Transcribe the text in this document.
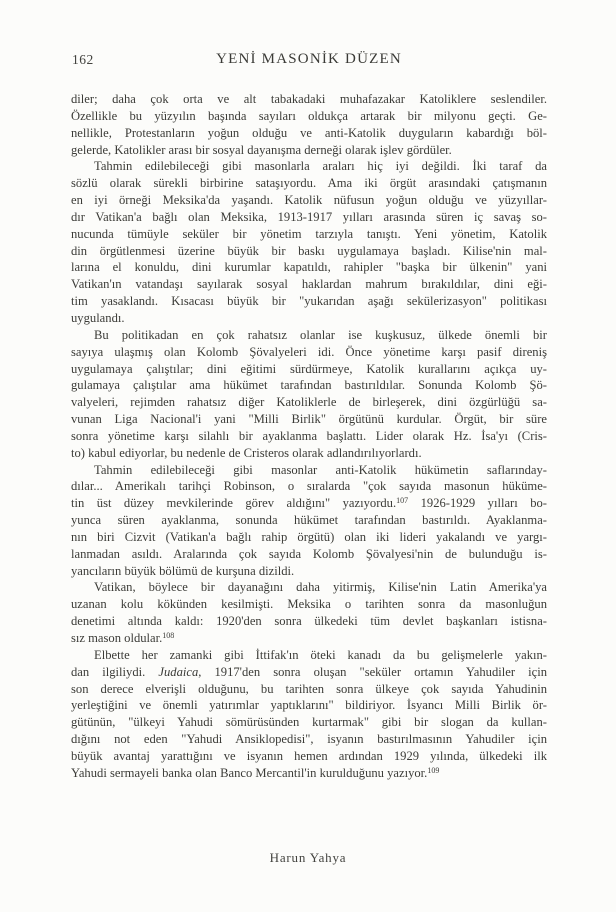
162	YENİ MASONİK DÜZEN
diler; daha çok orta ve alt tabakadaki muhafazakar Katoliklere seslendiler.
Özellikle bu yüzyılın başında sayıları oldukça artarak bir milyonu geçti. Ge-
nellikle, Protestanların yoğun olduğu ve anti-Katolik duyguların kabardığı böl-
gelerde, Katolikler arası bir sosyal dayanışma derneği olarak işlev gördüler.
Tahmin edilebileceği gibi masonlarla araları hiç iyi değildi. İki taraf da
sözlü olarak sürekli birbirine sataşıyordu. Ama iki örgüt arasındaki çatışmanın
en iyi örneği Meksika'da yaşandı. Katolik nüfusun yoğun olduğu ve yüzyıllar-
dır Vatikan'a bağlı olan Meksika, 1913-1917 yılları arasında süren iç savaş so-
nucunda tümüyle seküler bir yönetim tarzıyla tanıştı. Yeni yönetim, Katolik
din örgütlenmesi üzerine büyük bir baskı uygulamaya başladı. Kilise'nin mal-
larına el konuldu, dini kurumlar kapatıldı, rahipler "başka bir ülkenin" yani
Vatikan'ın vatandaşı sayılarak sosyal haklardan mahrum bırakıldılar, dini eği-
tim yasaklandı. Kısacası büyük bir "yukarıdan aşağı sekülerizasyon" politikası
uygulandı.
Bu politikadan en çok rahatsız olanlar ise kuşkusuz, ülkede önemli bir
sayıya ulaşmış olan Kolomb Şövalyeleri idi. Önce yönetime karşı pasif direniş
uygulamaya çalıştılar; dini eğitimi sürdürmeye, Katolik kurallarını açıkça uy-
gulamaya çalıştılar ama hükümet tarafından bastırıldılar. Sonunda Kolomb Şö-
valyeleri, rejimden rahatsız diğer Katoliklerle de birleşerek, dini özgürlüğü sa-
vunan Liga Nacional'i yani "Milli Birlik" örgütünü kurdular. Örgüt, bir süre
sonra yönetime karşı silahlı bir ayaklanma başlattı. Lider olarak Hz. İsa'yı (Cris-
to) kabul ediyorlar, bu nedenle de Cristeros olarak adlandırılıyorlardı.
Tahmin edilebileceği gibi masonlar anti-Katolik hükümetin saflarınday-
dılar... Amerikalı tarihçi Robinson, o sıralarda "çok sayıda masonun hüküme-
tin üst düzey mevkilerinde görev aldığını" yazıyordu.$^{107}$ 1926-1929 yılları bo-
yunca süren ayaklanma, sonunda hükümet tarafından bastırıldı. Ayaklanma-
nın biri Cizvit (Vatikan'a bağlı rahip örgütü) olan iki lideri yakalandı ve yargı-
lanmadan asıldı. Aralarında çok sayıda Kolomb Şövalyesi'nin de bulunduğu is-
yancıların büyük bölümü de kurşuna dizildi.
Vatikan, böylece bir dayanağını daha yitirmiş, Kilise'nin Latin Amerika'ya
uzanan kolu kökünden kesilmişti. Meksika o tarihten sonra da masonluğun
denetimi altında kaldı: 1920'den sonra ülkedeki tüm devlet başkanları istisna-
sız mason oldular.$^{108}$
Elbette her zamanki gibi İttifak'ın öteki kanadı da bu gelişmelerle yakın-
dan ilgiliydi. Judaica, 1917'den sonra oluşan "seküler ortamın Yahudiler için
son derece elverişli olduğunu, bu tarihten sonra ülkeye çok sayıda Yahudinin
yerleştiğini ve önemli yatırımlar yaptıklarını" bildiriyor. İsyancı Milli Birlik ör-
gütünün, "ülkeyi Yahudi sömürüsünden kurtarmak" gibi bir slogan da kullan-
dığını not eden "Yahudi Ansiklopedisi", isyanın bastırılmasının Yahudiler için
büyük avantaj yarattığını ve isyanın hemen ardından 1929 yılında, ülkedeki ilk
Yahudi sermayeli banka olan Banco Mercantil'in kurulduğunu yazıyor.$^{109}$
Harun Yahya
